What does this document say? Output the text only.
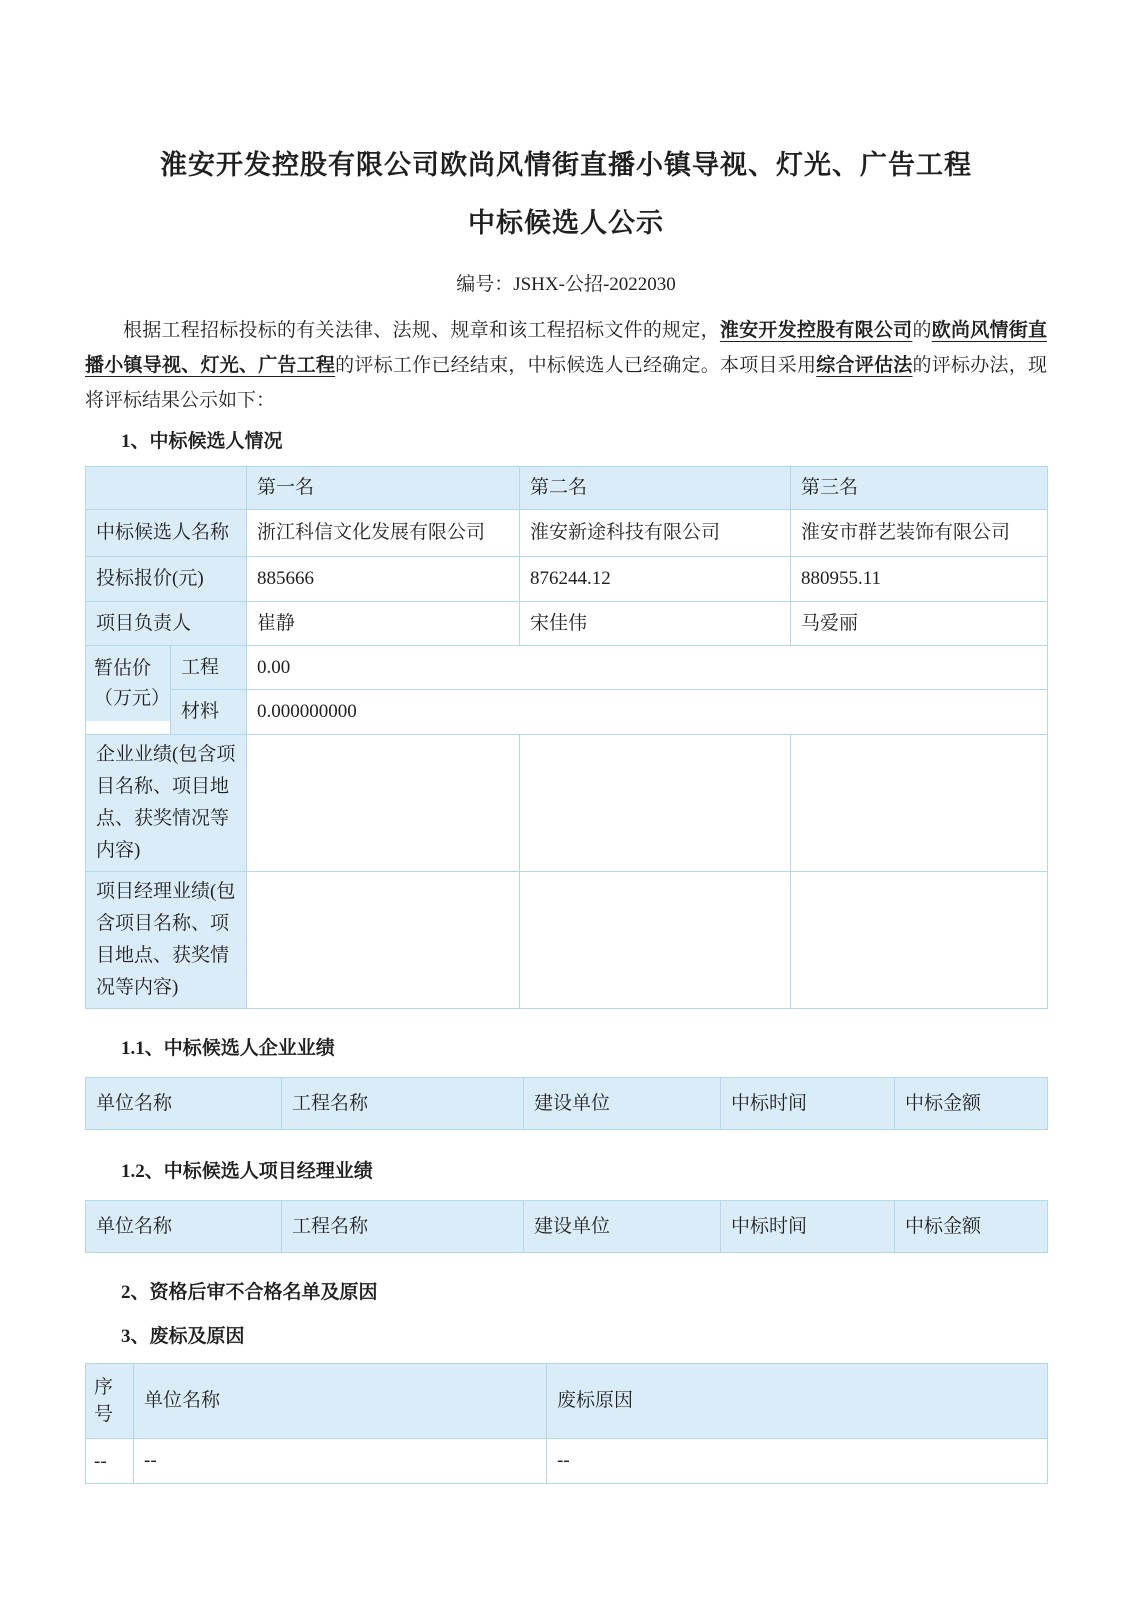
淮安开发控股有限公司欧尚风情街直播小镇导视、灯光、广告工程
中标候选人公示
编号：JSHX-公招-2022030

根据工程招标投标的有关法律、法规、规章和该工程招标文件的规定，淮安开发控股有限公司的欧尚风情街直播小镇导视、灯光、广告工程的评标工作已经结束，中标候选人已经确定。本项目采用综合评估法的评标办法，现将评标结果公示如下：

1、中标候选人情况
		第一名	第二名	第三名
中标候选人名称		浙江科信文化发展有限公司	淮安新途科技有限公司	淮安市群艺装饰有限公司
投标报价(元)		885666	876244.12	880955.11
项目负责人		崔静	宋佳伟	马爱丽
暂估价
（万元）	工程	0.00		
	材料	0.000000000		
企业业绩(包含项目名称、项目地点、获奖情况等内容)				
项目经理业绩(包含项目名称、项目地点、获奖情况等内容)				
1.1、中标候选人企业业绩
单位名称	工程名称	建设单位	中标时间	中标金额
1.2、中标候选人项目经理业绩
单位名称	工程名称	建设单位	中标时间	中标金额
2、资格后审不合格名单及原因
3、废标及原因
序号	单位名称	废标原因
--	--	--
